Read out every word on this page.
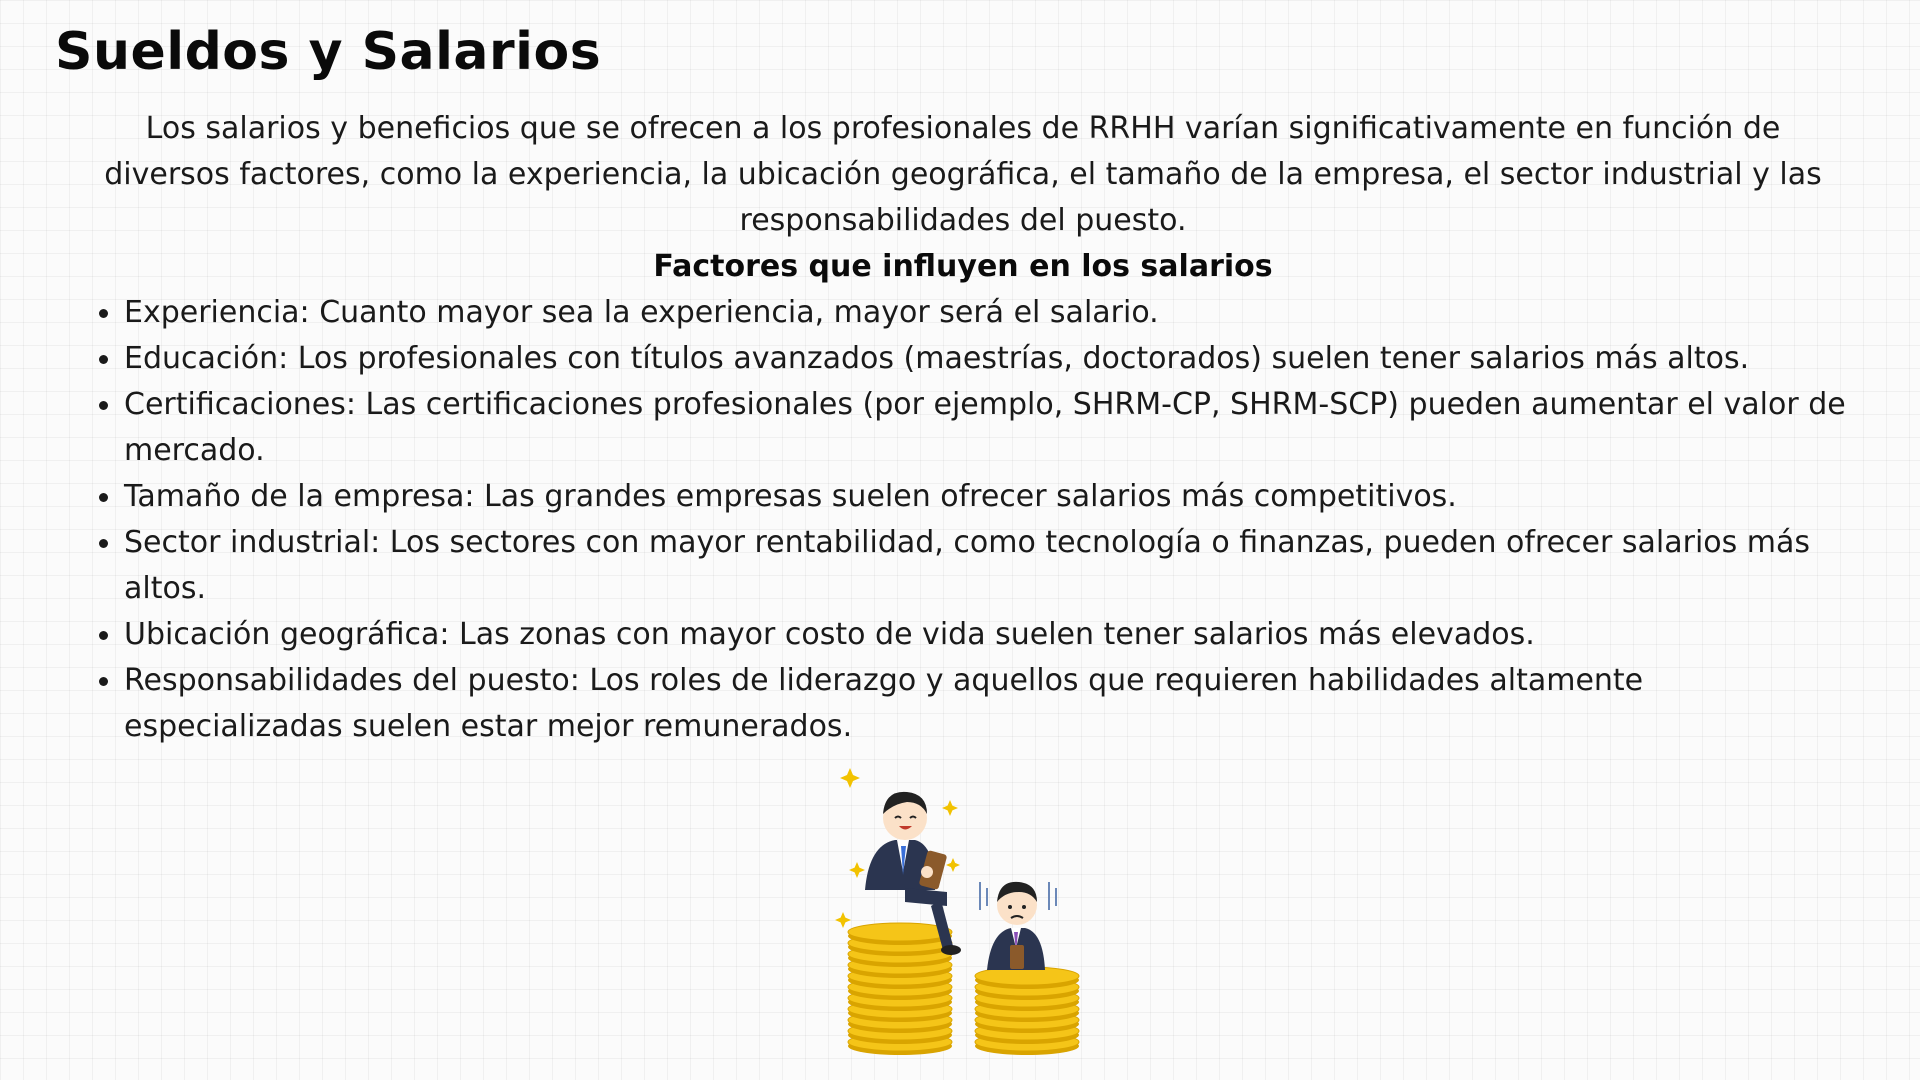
Sueldos y Salarios

Los salarios y beneficios que se ofrecen a los profesionales de RRHH varían significativamente en función de diversos factores, como la experiencia, la ubicación geográfica, el tamaño de la empresa, el sector industrial y las responsabilidades del puesto.

Factores que influyen en los salarios

Experiencia: Cuanto mayor sea la experiencia, mayor será el salario.
Educación: Los profesionales con títulos avanzados (maestrías, doctorados) suelen tener salarios más altos.
Certificaciones: Las certificaciones profesionales (por ejemplo, SHRM-CP, SHRM-SCP) pueden aumentar el valor de mercado.
Tamaño de la empresa: Las grandes empresas suelen ofrecer salarios más competitivos.
Sector industrial: Los sectores con mayor rentabilidad, como tecnología o finanzas, pueden ofrecer salarios más altos.
Ubicación geográfica: Las zonas con mayor costo de vida suelen tener salarios más elevados.
Responsabilidades del puesto: Los roles de liderazgo y aquellos que requieren habilidades altamente especializadas suelen estar mejor remunerados.
